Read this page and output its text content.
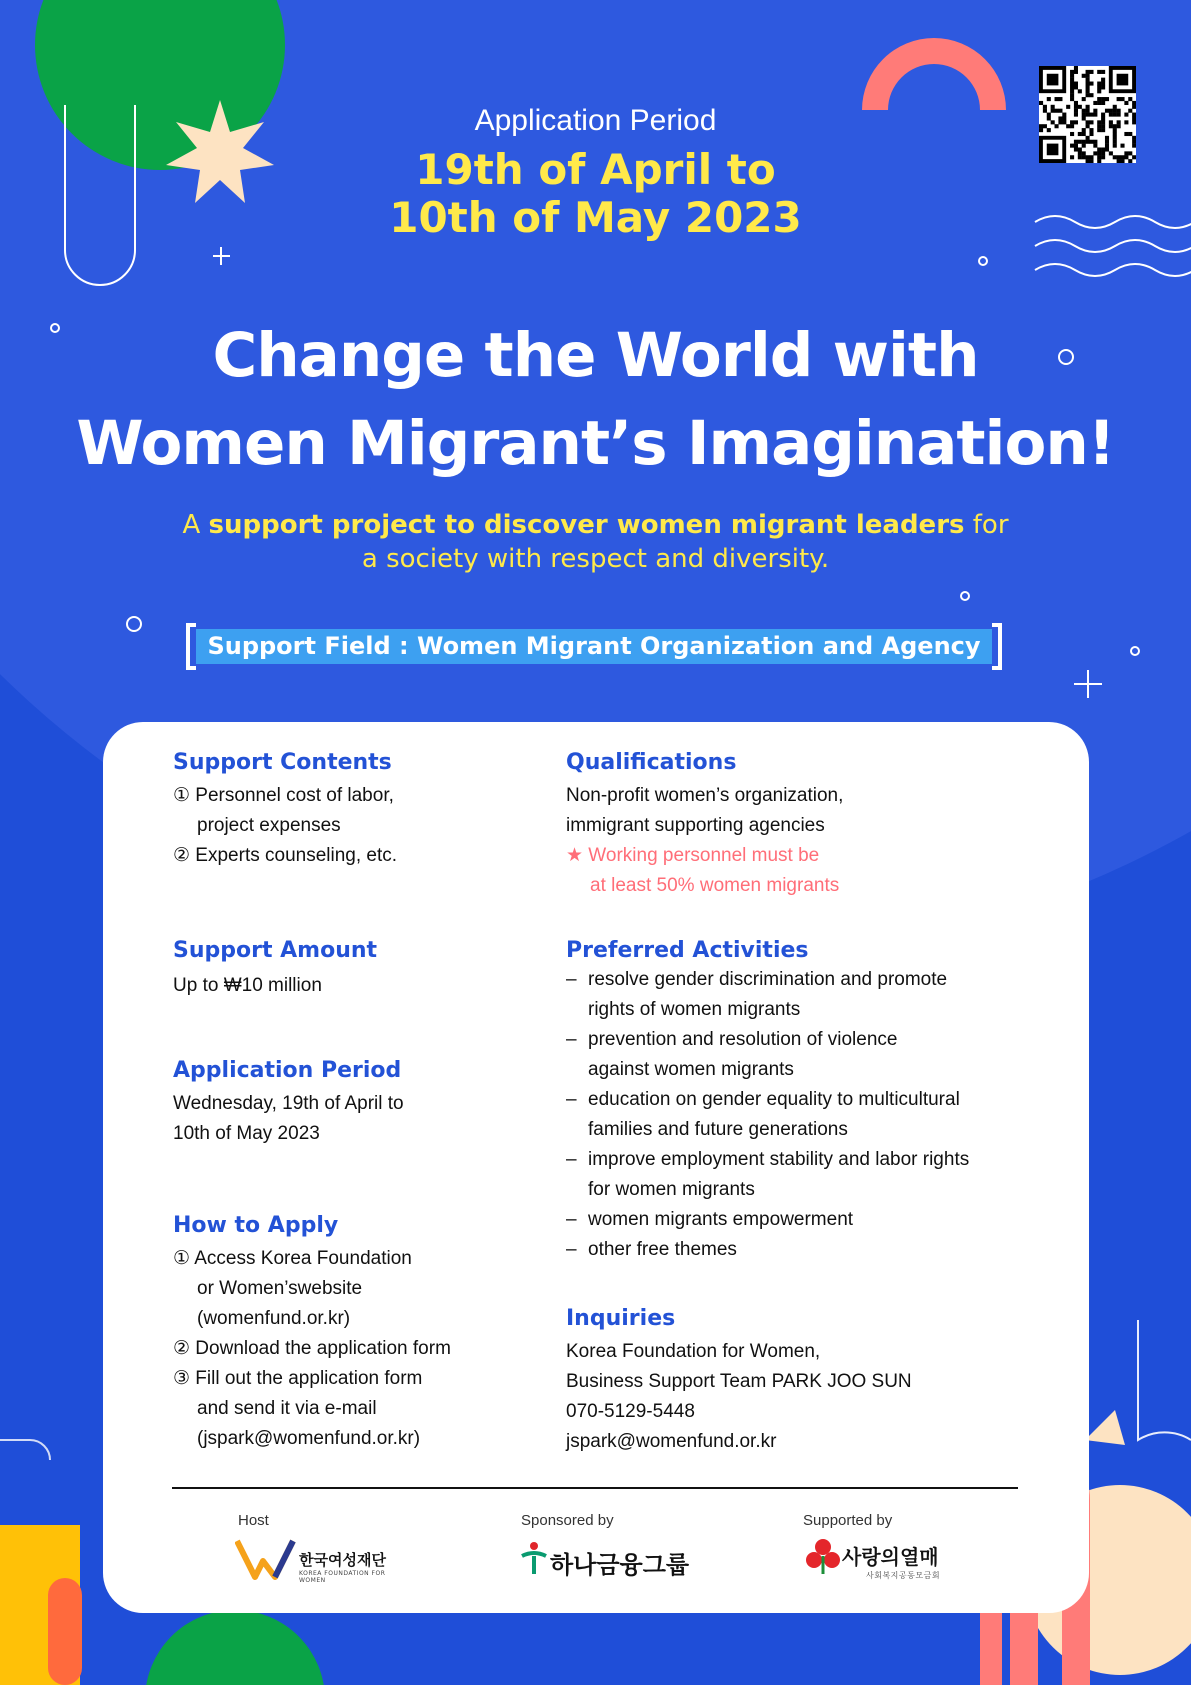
Application Period
19th of April to
10th of May 2023
Change the World with
Women Migrant’s Imagination!
A support project to discover women migrant leaders for
a society with respect and diversity.
Support Field : Women Migrant Organization and Agency
Support Contents
① Personnel cost of labor,
project expenses
② Experts counseling, etc.
Support Amount
Up to ₩10 million
Application Period
Wednesday, 19th of April to
10th of May 2023
How to Apply
① Access Korea Foundation
or Women’swebsite
(womenfund.or.kr)
② Download the application form
③ Fill out the application form
and send it via e-mail
(jspark@womenfund.or.kr)
Qualifications
Non-profit women’s organization,
immigrant supporting agencies
★ Working personnel must be
at least 50% women migrants
Preferred Activities
– resolve gender discrimination and promote
rights of women migrants
– prevention and resolution of violence
against women migrants
– education on gender equality to multicultural
families and future generations
– improve employment stability and labor rights
for women migrants
– women migrants empowerment
– other free themes
Inquiries
Korea Foundation for Women,
Business Support Team PARK JOO SUN
070-5129-5448
jspark@womenfund.or.kr
Host
한국여성재단
KOREA FOUNDATION FOR WOMEN
Sponsored by
하나금융그룹
Supported by
사랑의열매
사회복지공동모금회
